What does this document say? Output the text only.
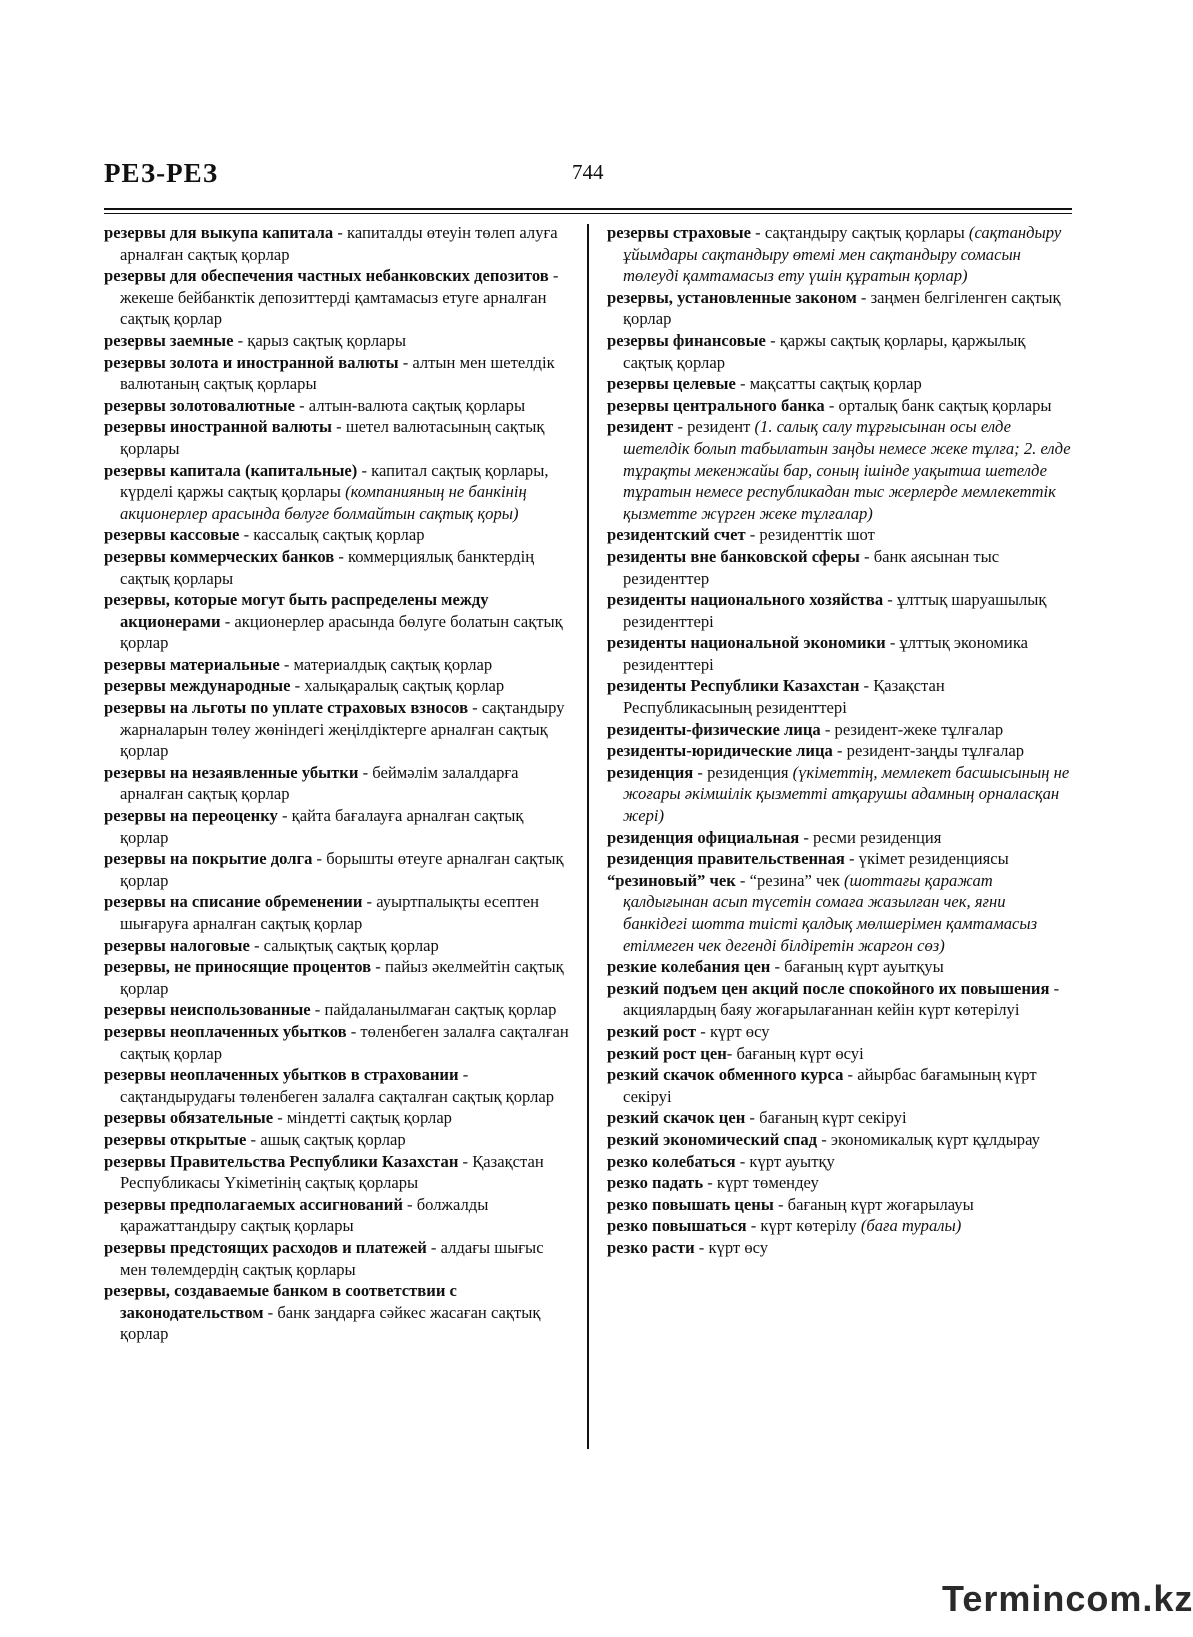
РЕЗ-РЕЗ	744

резервы для выкупа капитала - капиталды өтеуін төлеп алуға арналған сақтық қорлар

резервы для обеспечения частных небанковских депозитов - жекеше бейбанктік депозиттерді қамтамасыз етуге арналған сақтық қорлар

резервы заемные - қарыз сақтық қорлары

резервы золота и иностранной валюты - алтын мен шетелдік валютаның сақтық қорлары

резервы золотовалютные - алтын-валюта сақтық қорлары

резервы иностранной валюты - шетел валютасының сақтық қорлары

резервы капитала (капитальные) - капитал сақтық қорлары, күрделі қаржы сақтық қорлары (компанияның не банкінің акционерлер арасында бөлуге болмайтын сақтық қоры)

резервы кассовые - кассалық сақтық қорлар

резервы коммерческих банков - коммерциялық банктердің сақтық қорлары

резервы, которые могут быть распределены между акционерами - акционерлер арасында бөлуге болатын сақтық қорлар

резервы материальные - материалдық сақтық қорлар

резервы международные - халықаралық сақтық қорлар

резервы на льготы по уплате страховых взносов - сақтандыру жарналарын төлеу жөніндегі жеңілдіктерге арналған сақтық қорлар

резервы на незаявленные убытки - беймәлім залалдарға арналған сақтық қорлар

резервы на переоценку - қайта бағалауға арналған сақтық қорлар

резервы на покрытие долга - борышты өтеуге арналған сақтық қорлар

резервы на списание обременении - ауыртпалықты есептен шығаруға арналған сақтық қорлар

резервы налоговые - салықтық сақтық қорлар

резервы, не приносящие процентов - пайыз әкелмейтін сақтық қорлар

резервы неиспользованные - пайдаланылмаған сақтық қорлар

резервы неоплаченных убытков - төленбеген залалға сақталған сақтық қорлар

резервы неоплаченных убытков в страховании - сақтандырудағы төленбеген залалға сақталған сақтық қорлар

резервы обязательные - міндетті сақтық қорлар

резервы открытые - ашық сақтық қорлар

резервы Правительства Республики Казахстан - Қазақстан Республикасы Үкіметінің сақтық қорлары

резервы предполагаемых ассигнований - болжалды қаражаттандыру сақтық қорлары

резервы предстоящих расходов и платежей - алдағы шығыс мен төлемдердің сақтық қорлары

резервы, создаваемые банком в соответствии с законодательством - банк заңдарға сәйкес жасаған сақтық қорлар

резервы страховые - сақтандыру сақтық қорлары (сақтандыру ұйымдары сақтандыру өтемі мен сақтандыру сомасын төлеуді қамтамасыз ету үшін құратын қорлар)

резервы, установленные законом - заңмен белгіленген сақтық қорлар

резервы финансовые - қаржы сақтық қорлары, қаржылық сақтық қорлар

резервы целевые - мақсатты сақтық қорлар

резервы центрального банка - орталық банк сақтық қорлары

резидент - резидент (1. салық салу тұрғысынан осы елде шетелдік болып табылатын заңды немесе жеке тұлға; 2. елде тұрақты мекенжайы бар, соның ішінде уақытша шетелде тұратын немесе республикадан тыс жерлерде мемлекеттік қызметте жүрген жеке тұлғалар)

резидентский счет - резиденттік шот

резиденты вне банковской сферы - банк аясынан тыс резиденттер

резиденты национального хозяйства - ұлттық шаруашылық резиденттері

резиденты национальной экономики - ұлттық экономика резиденттері

резиденты Республики Казахстан - Қазақстан Республикасының резиденттері

резиденты-физические лица - резидент-жеке тұлғалар

резиденты-юридические лица - резидент-заңды тұлғалар

резиденция - резиденция (үкіметтің, мемлекет басшысының не жоғары әкімшілік қызметті атқарушы адамның орналасқан жері)

резиденция официальная - ресми резиденция

резиденция правительственная - үкімет резиденциясы

“резиновый” чек - “резина” чек (шоттағы қаражат қалдығынан асып түсетін сомаға жазылған чек, яғни банкідегі шотта тиісті қалдық мөлшерімен қамтамасыз етілмеген чек дегенді білдіретін жаргон сөз)

резкие колебания цен - бағаның күрт ауытқуы

резкий подъем цен акций после спокойного их повышения - акциялардың баяу жоғарылағаннан кейін күрт көтерілуі

резкий рост - күрт өсу

резкий рост цен- бағаның күрт өсуі

резкий скачок обменного курса - айырбас бағамының күрт секіруі

резкий скачок цен - бағаның күрт секіруі

резкий экономический спад - экономикалық күрт құлдырау

резко колебаться - күрт ауытқу

резко падать - күрт төмендеу

резко повышать цены - бағаның күрт жоғарылауы

резко повышаться - күрт көтерілу (баға туралы)

резко расти - күрт өсу

Termincom.kz
